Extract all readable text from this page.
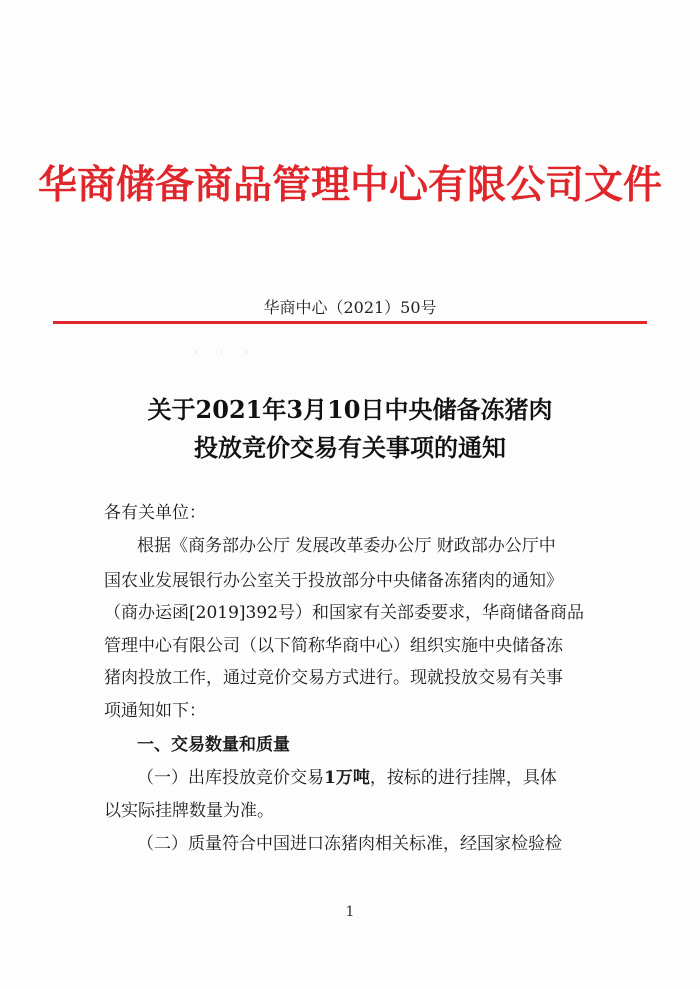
华商储备商品管理中心有限公司文件
华商中心（2021）50号
· · ·
关于2021年3月10日中央储备冻猪肉
投放竞价交易有关事项的通知
各有关单位：
根据《商务部办公厅 发展改革委办公厅 财政部办公厅中
国农业发展银行办公室关于投放部分中央储备冻猪肉的通知》
（商办运函[2019]392号）和国家有关部委要求，华商储备商品
管理中心有限公司（以下简称华商中心）组织实施中央储备冻
猪肉投放工作，通过竞价交易方式进行。现就投放交易有关事
项通知如下：
一、交易数量和质量
（一）出库投放竞价交易1万吨，按标的进行挂牌，具体
以实际挂牌数量为准。
（二）质量符合中国进口冻猪肉相关标准，经国家检验检
1
